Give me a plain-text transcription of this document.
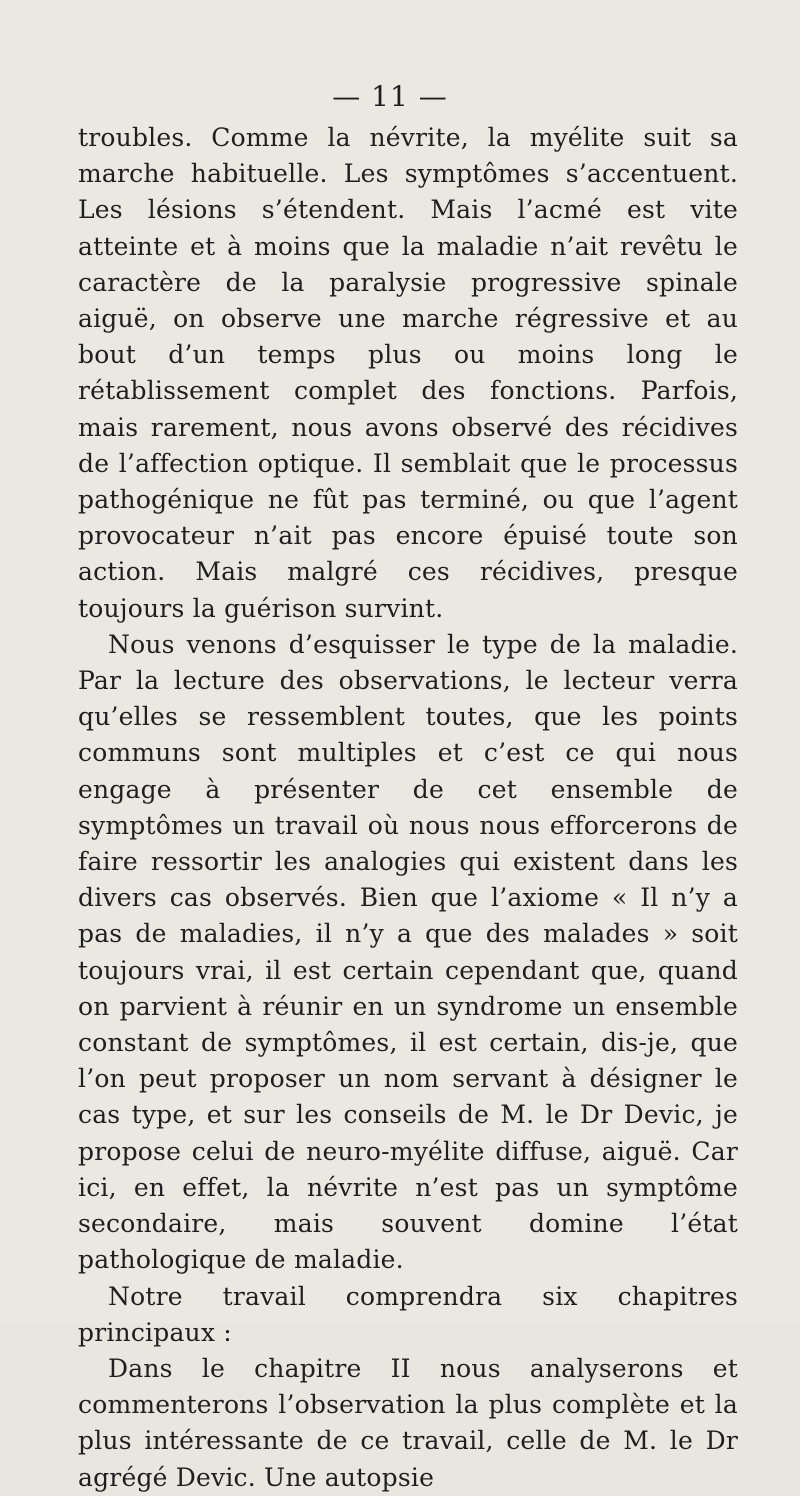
— 11 —

troubles. Comme la névrite, la myélite suit sa marche habituelle. Les symptômes s’accentuent. Les lésions s’étendent. Mais l’acmé est vite atteinte et à moins que la maladie n’ait revêtu le caractère de la paralysie progressive spinale aiguë, on observe une marche régressive et au bout d’un temps plus ou moins long le rétablissement complet des fonctions. Parfois, mais rarement, nous avons observé des récidives de l’affection optique. Il semblait que le processus pathogénique ne fût pas terminé, ou que l’agent provocateur n’ait pas encore épuisé toute son action. Mais malgré ces récidives, presque toujours la guérison survint.

Nous venons d’esquisser le type de la maladie. Par la lecture des observations, le lecteur verra qu’elles se ressemblent toutes, que les points communs sont multiples et c’est ce qui nous engage à présenter de cet ensemble de symptômes un travail où nous nous efforcerons de faire ressortir les analogies qui existent dans les divers cas observés. Bien que l’axiome « Il n’y a pas de maladies, il n’y a que des malades » soit toujours vrai, il est certain cependant que, quand on parvient à réunir en un syndrome un ensemble constant de symptômes, il est certain, dis-je, que l’on peut proposer un nom servant à désigner le cas type, et sur les conseils de M. le Dr Devic, je propose celui de neuro-myélite diffuse, aiguë. Car ici, en effet, la névrite n’est pas un symptôme secondaire, mais souvent domine l’état pathologique de maladie.

Notre travail comprendra six chapitres principaux :

Dans le chapitre II nous analyserons et commenterons l’observation la plus complète et la plus intéressante de ce travail, celle de M. le Dr agrégé Devic. Une autopsie
